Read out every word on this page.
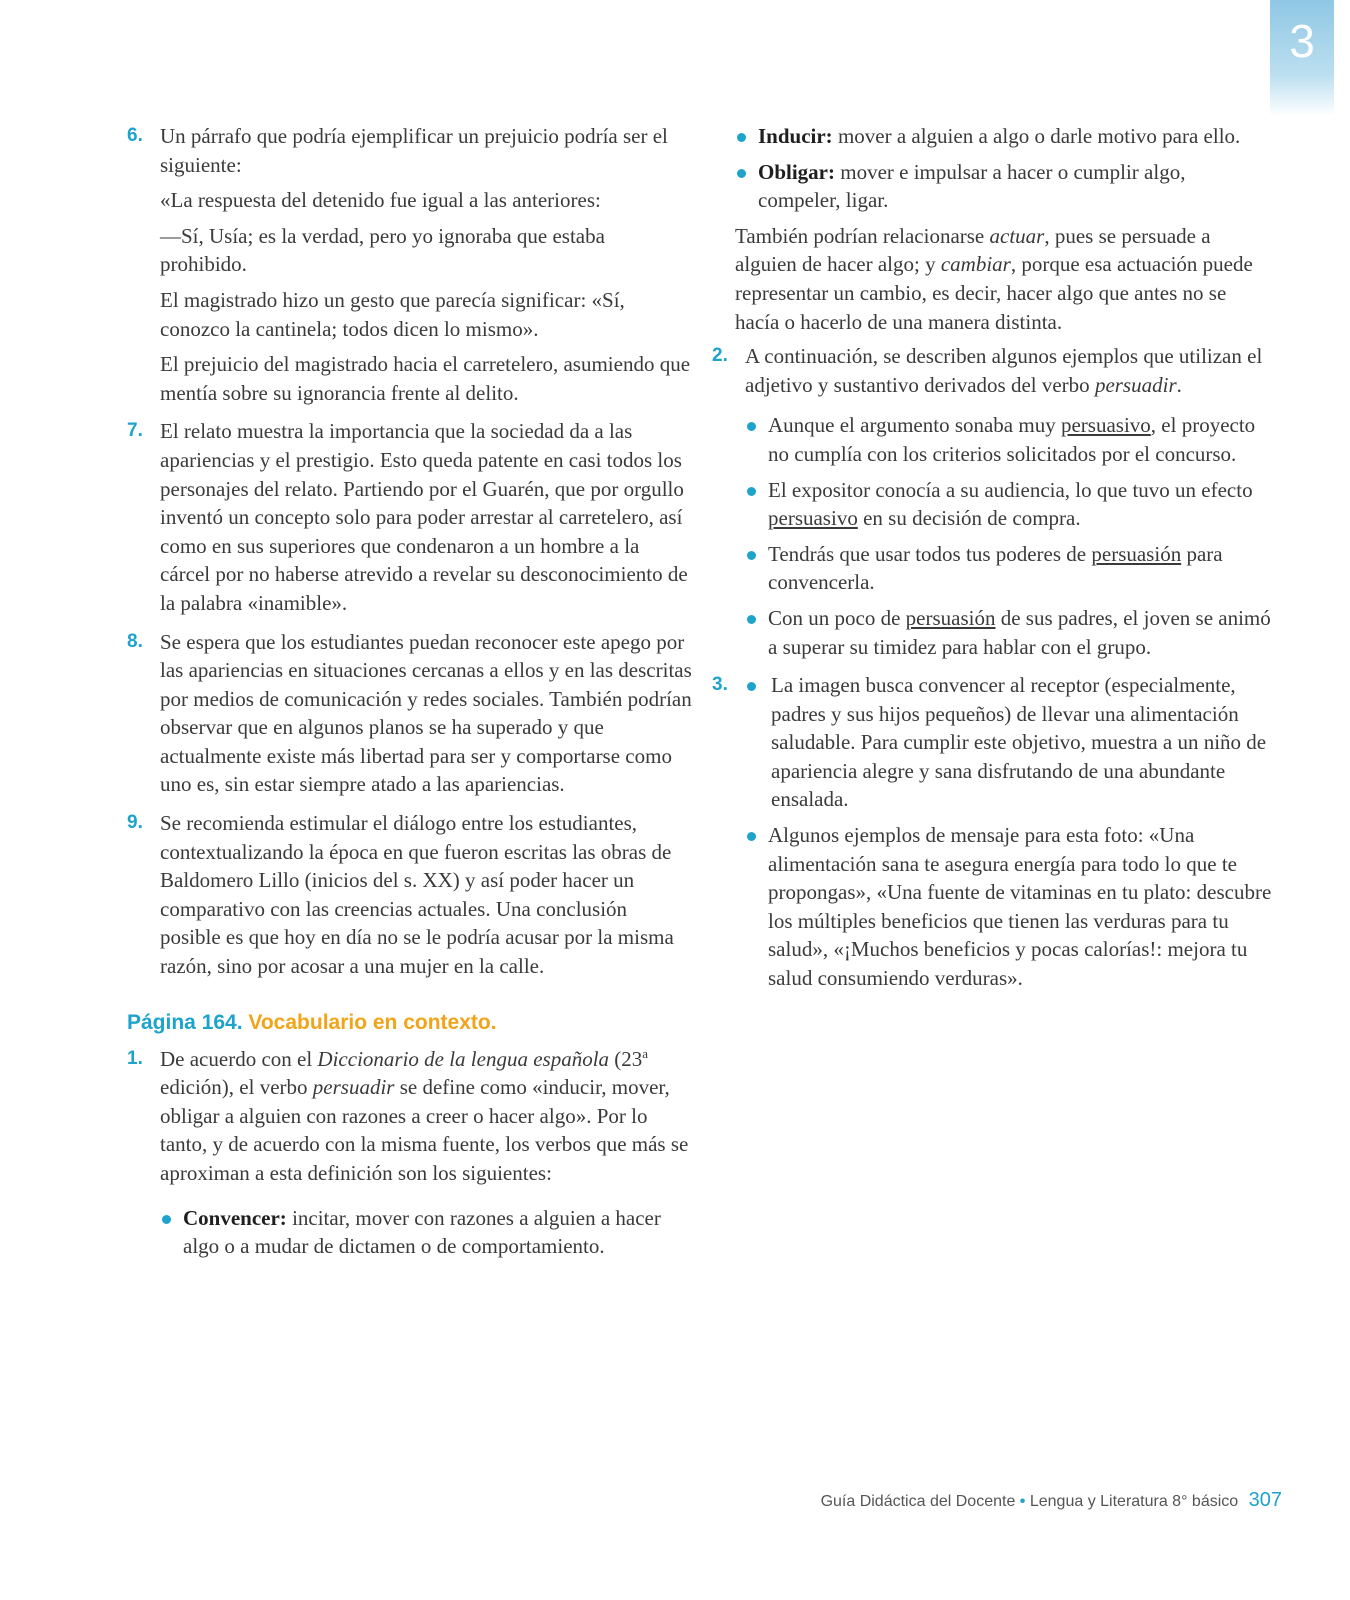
3
6. Un párrafo que podría ejemplificar un prejuicio podría ser el siguiente:

«La respuesta del detenido fue igual a las anteriores:

—Sí, Usía; es la verdad, pero yo ignoraba que estaba prohibido.

El magistrado hizo un gesto que parecía significar: «Sí, conozco la cantinela; todos dicen lo mismo».

El prejuicio del magistrado hacia el carretelero, asumiendo que mentía sobre su ignorancia frente al delito.

7. El relato muestra la importancia que la sociedad da a las apariencias y el prestigio. Esto queda patente en casi todos los personajes del relato. Partiendo por el Guarén, que por orgullo inventó un concepto solo para poder arrestar al carretelero, así como en sus superiores que condenaron a un hombre a la cárcel por no haberse atrevido a revelar su desconocimiento de la palabra «inamible».

8. Se espera que los estudiantes puedan reconocer este apego por las apariencias en situaciones cercanas a ellos y en las descritas por medios de comunicación y redes sociales. También podrían observar que en algunos planos se ha superado y que actualmente existe más libertad para ser y comportarse como uno es, sin estar siempre atado a las apariencias.

9. Se recomienda estimular el diálogo entre los estudiantes, contextualizando la época en que fueron escritas las obras de Baldomero Lillo (inicios del s. XX) y así poder hacer un comparativo con las creencias actuales. Una conclusión posible es que hoy en día no se le podría acusar por la misma razón, sino por acosar a una mujer en la calle.

Página 164. Vocabulario en contexto.
1. De acuerdo con el Diccionario de la lengua española (23$^a$ edición), el verbo persuadir se define como «inducir, mover, obligar a alguien con razones a creer o hacer algo». Por lo tanto, y de acuerdo con la misma fuente, los verbos que más se aproximan a esta definición son los siguientes:

Convencer: incitar, mover con razones a alguien a hacer algo o a mudar de dictamen o de comportamiento.
Inducir: mover a alguien a algo o darle motivo para ello.
Obligar: mover e impulsar a hacer o cumplir algo, compeler, ligar.

También podrían relacionarse actuar, pues se persuade a alguien de hacer algo; y cambiar, porque esa actuación puede representar un cambio, es decir, hacer algo que antes no se hacía o hacerlo de una manera distinta.

2. A continuación, se describen algunos ejemplos que utilizan el adjetivo y sustantivo derivados del verbo persuadir.

Aunque el argumento sonaba muy persuasivo, el proyecto no cumplía con los criterios solicitados por el concurso.
El expositor conocía a su audiencia, lo que tuvo un efecto persuasivo en su decisión de compra.
Tendrás que usar todos tus poderes de persuasión para convencerla.
Con un poco de persuasión de sus padres, el joven se animó a superar su timidez para hablar con el grupo.
3.	La imagen busca convencer al receptor (especialmente, padres y sus hijos pequeños) de llevar una alimentación saludable. Para cumplir este objetivo, muestra a un niño de apariencia alegre y sana disfrutando de una abundante ensalada.
Algunos ejemplos de mensaje para esta foto: «Una alimentación sana te asegura energía para todo lo que te propongas», «Una fuente de vitaminas en tu plato: descubre los múltiples beneficios que tienen las verduras para tu salud», «¡Muchos beneficios y pocas calorías!: mejora tu salud consumiendo verduras».
Guía Didáctica del Docente • Lengua y Literatura 8° básico 307
